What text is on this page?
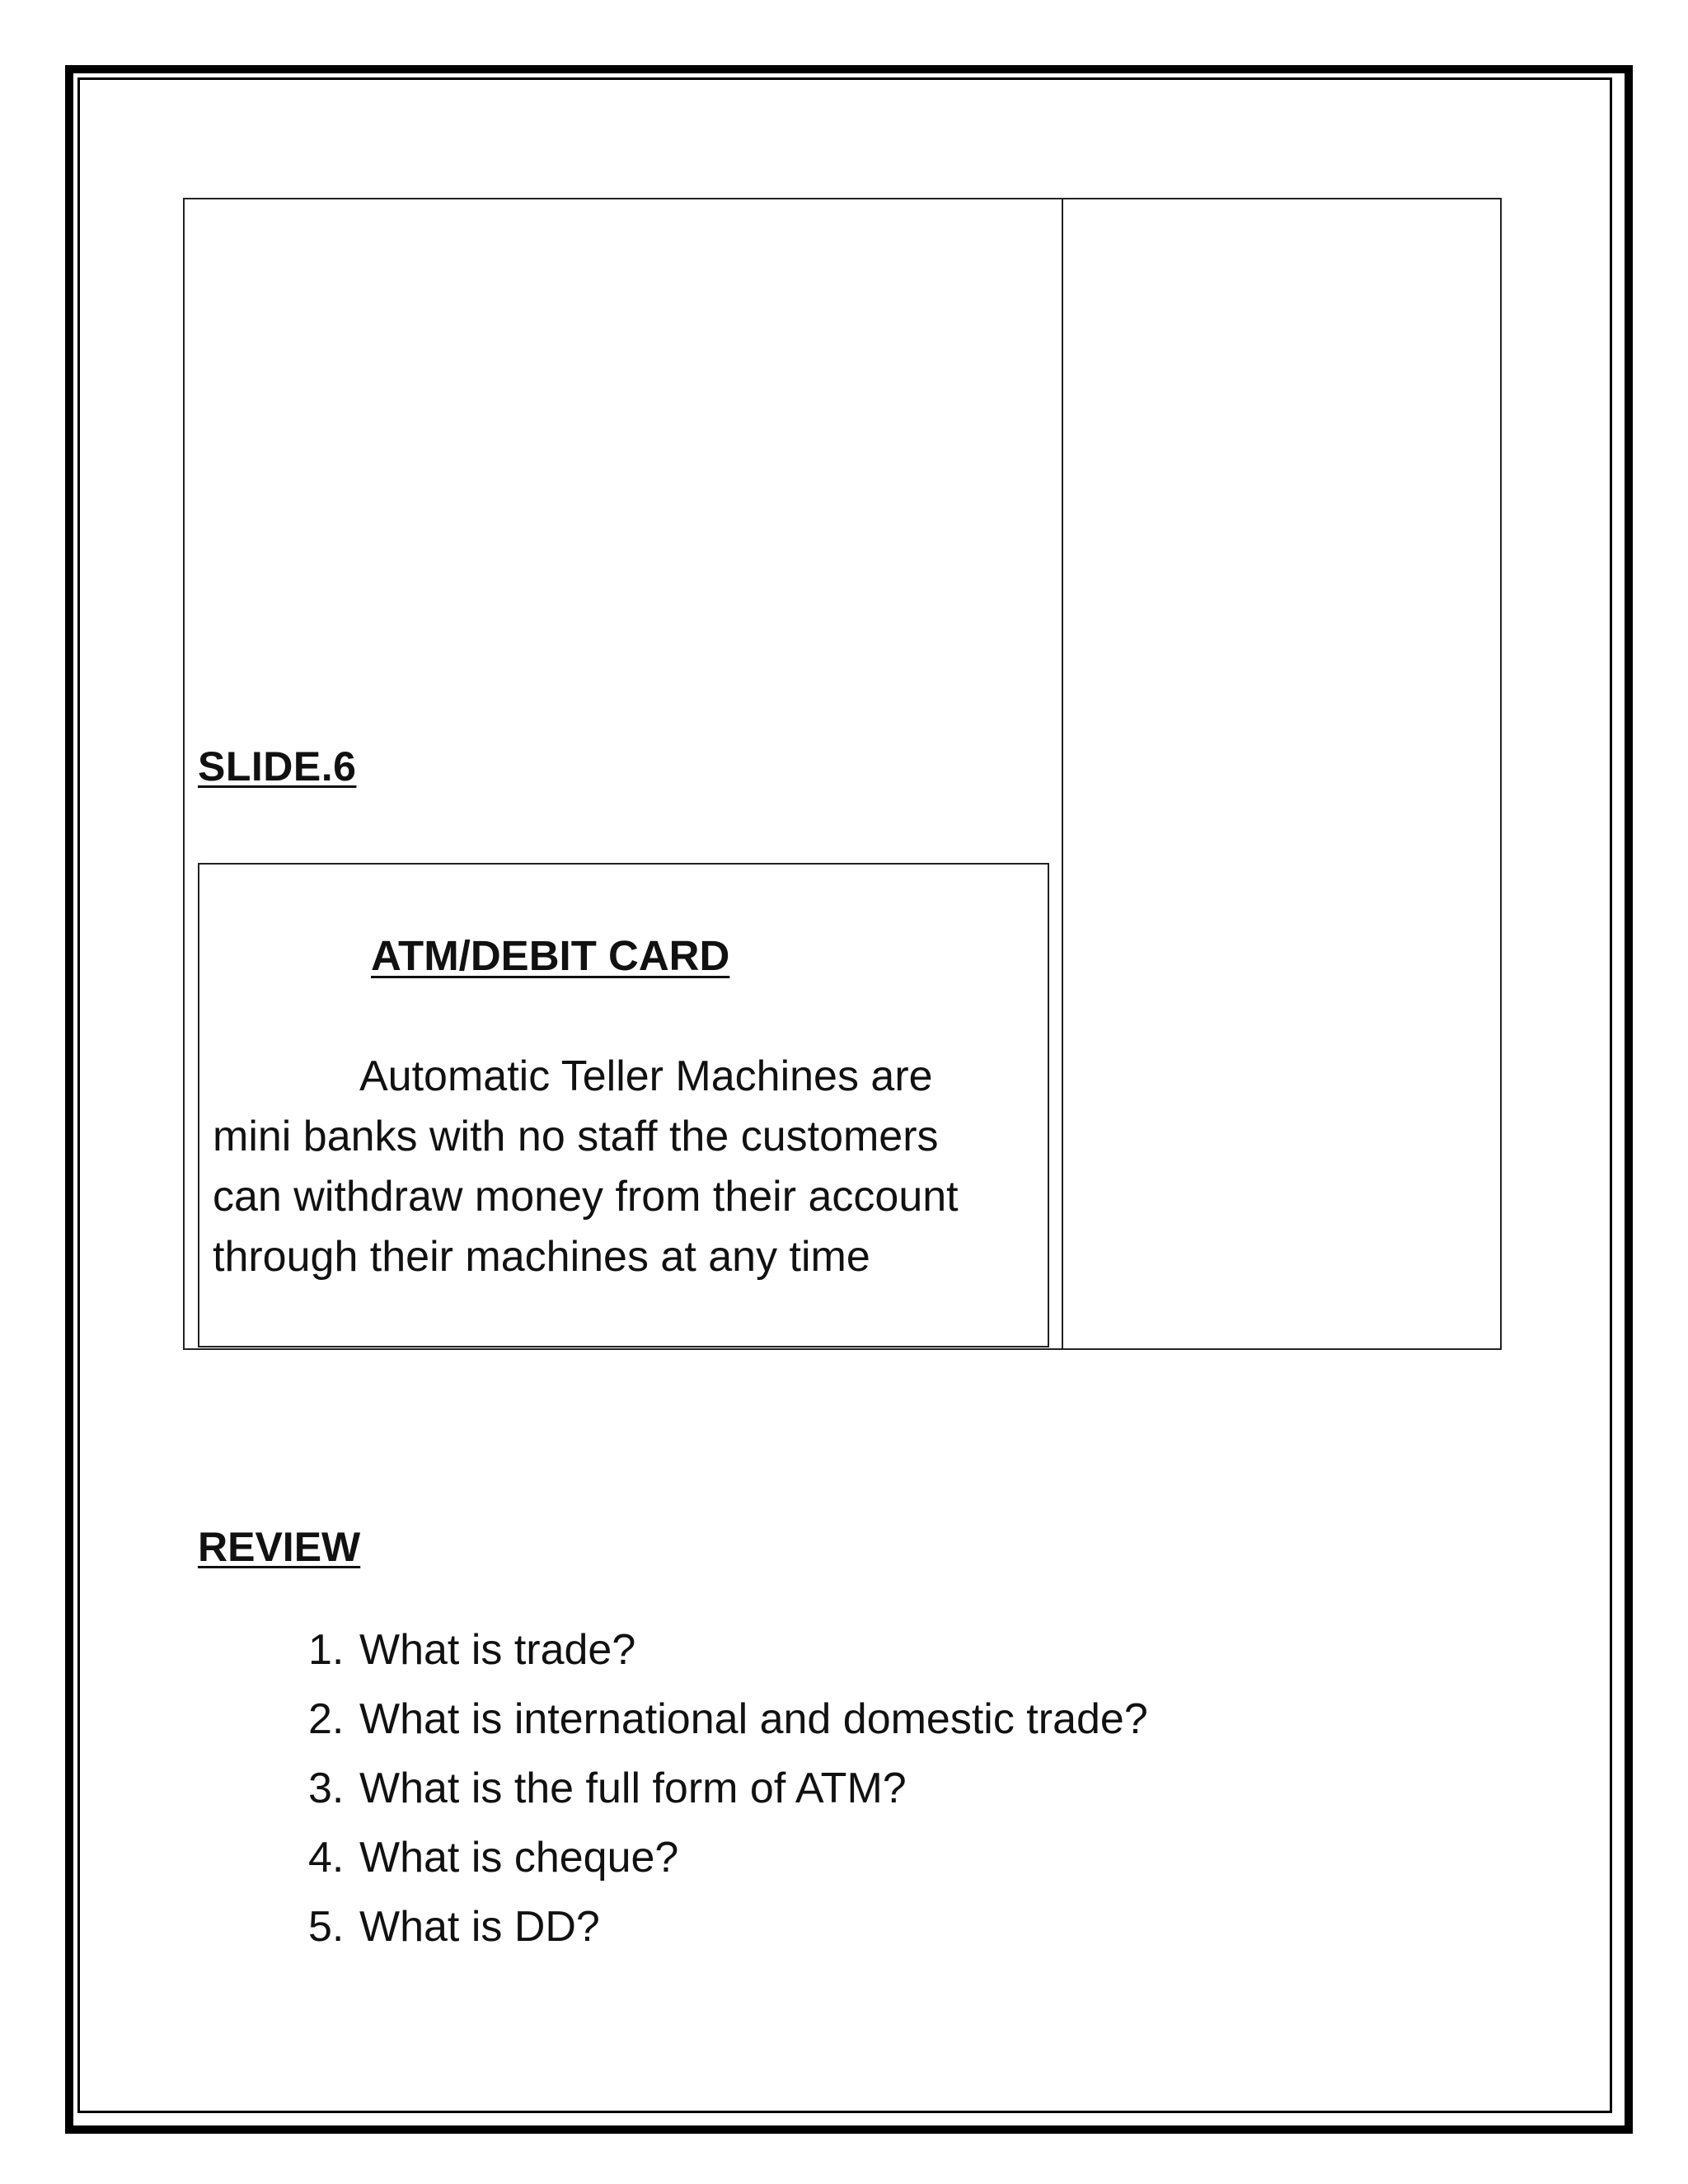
SLIDE.6
ATM/DEBIT CARD
Automatic Teller Machines are
mini banks with no staff the customers
can withdraw money from their account
through their machines at any time
REVIEW
1. What is trade?
2. What is international and domestic trade?
3. What is the full form of ATM?
4. What is cheque?
5. What is DD?
